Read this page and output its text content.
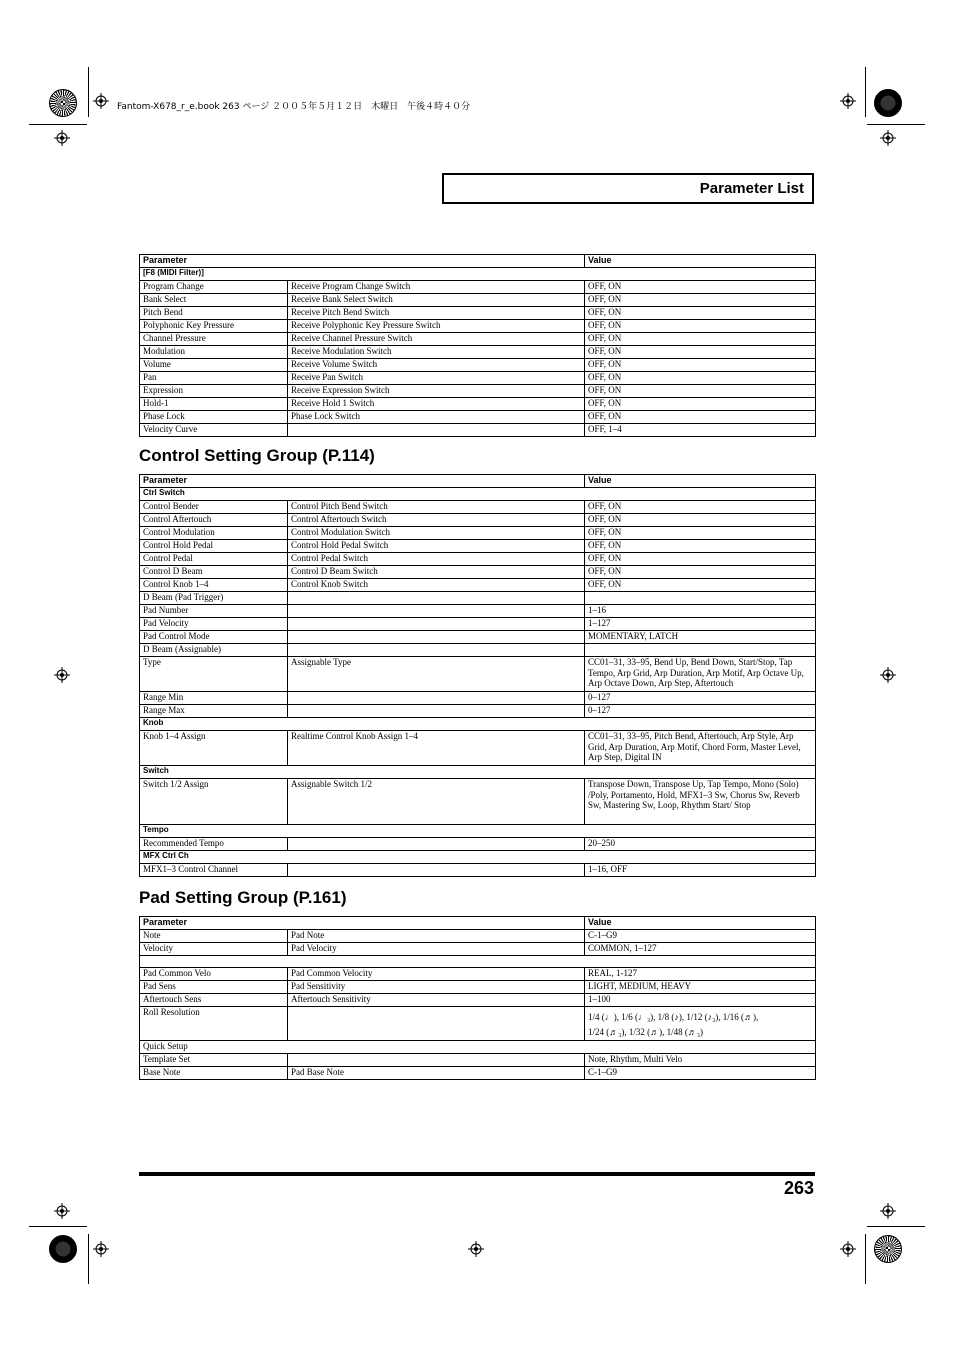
Fantom-X678_r_e.book 263 ページ ２００５年５月１２日　木曜日　午後４時４０分
Parameter List
Parameter		Value
[F8 (MIDI Filter)]		
Program Change	Receive Program Change Switch	OFF, ON
Bank Select	Receive Bank Select Switch	OFF, ON
Pitch Bend	Receive Pitch Bend Switch	OFF, ON
Polyphonic Key Pressure	Receive Polyphonic Key Pressure Switch	OFF, ON
Channel Pressure	Receive Channel Pressure Switch	OFF, ON
Modulation	Receive Modulation Switch	OFF, ON
Volume	Receive Volume Switch	OFF, ON
Pan	Receive Pan Switch	OFF, ON
Expression	Receive Expression Switch	OFF, ON
Hold-1	Receive Hold 1 Switch	OFF, ON
Phase Lock	Phase Lock Switch	OFF, ON
Velocity Curve		OFF, 1–4
Control Setting Group (P.114)
Parameter		Value
Ctrl Switch		
Control Bender	Control Pitch Bend Switch	OFF, ON
Control Aftertouch	Control Aftertouch Switch	OFF, ON
Control Modulation	Control Modulation Switch	OFF, ON
Control Hold Pedal	Control Hold Pedal Switch	OFF, ON
Control Pedal	Control Pedal Switch	OFF, ON
Control D Beam	Control D Beam Switch	OFF, ON
Control Knob 1–4	Control Knob Switch	OFF, ON
D Beam (Pad Trigger)		
Pad Number		1–16
Pad Velocity		1–127
Pad Control Mode		MOMENTARY, LATCH
D Beam (Assignable)		
Type	Assignable Type	CC01–31, 33–95, Bend Up, Bend Down, Start/Stop, Tap Tempo, Arp Grid, Arp Duration, Arp Motif, Arp Octave Up, Arp Octave Down, Arp Step, Aftertouch
Range Min		0–127
Range Max		0–127
Knob		
Knob 1–4 Assign	Realtime Control Knob Assign 1–4	CC01–31, 33–95, Pitch Bend, Aftertouch, Arp Style, Arp Grid, Arp Duration, Arp Motif, Chord Form, Master Level, Arp Step, Digital IN
Switch		
Switch 1/2 Assign	Assignable Switch 1/2	Transpose Down, Transpose Up, Tap Tempo, Mono (Solo) /Poly, Portamento, Hold, MFX1–3 Sw, Chorus Sw, Reverb Sw, Mastering Sw, Loop, Rhythm Start/ Stop
Tempo		
Recommended Tempo		20–250
MFX Ctrl Ch		
MFX1–3 Control Channel		1–16, OFF
Pad Setting Group (P.161)
Parameter		Value
Note	Pad Note	C-1–G9
Velocity	Pad Velocity	COMMON, 1–127

Pad Common Velo	Pad Common Velocity	REAL, 1-127
Pad Sens	Pad Sensitivity	LIGHT, MEDIUM, HEAVY
Aftertouch Sens	Aftertouch Sensitivity	1–100
Roll Resolution		1/4 (♩), 1/6 (♩₃), 1/8 (♪), 1/12 (♪₃), 1/16 (♬),
1/24 (♬₃), 1/32 (♬), 1/48 (♬₃)

Quick Setup		
Template Set		Note, Rhythm, Multi Velo
Base Note	Pad Base Note	C-1–G9
263
